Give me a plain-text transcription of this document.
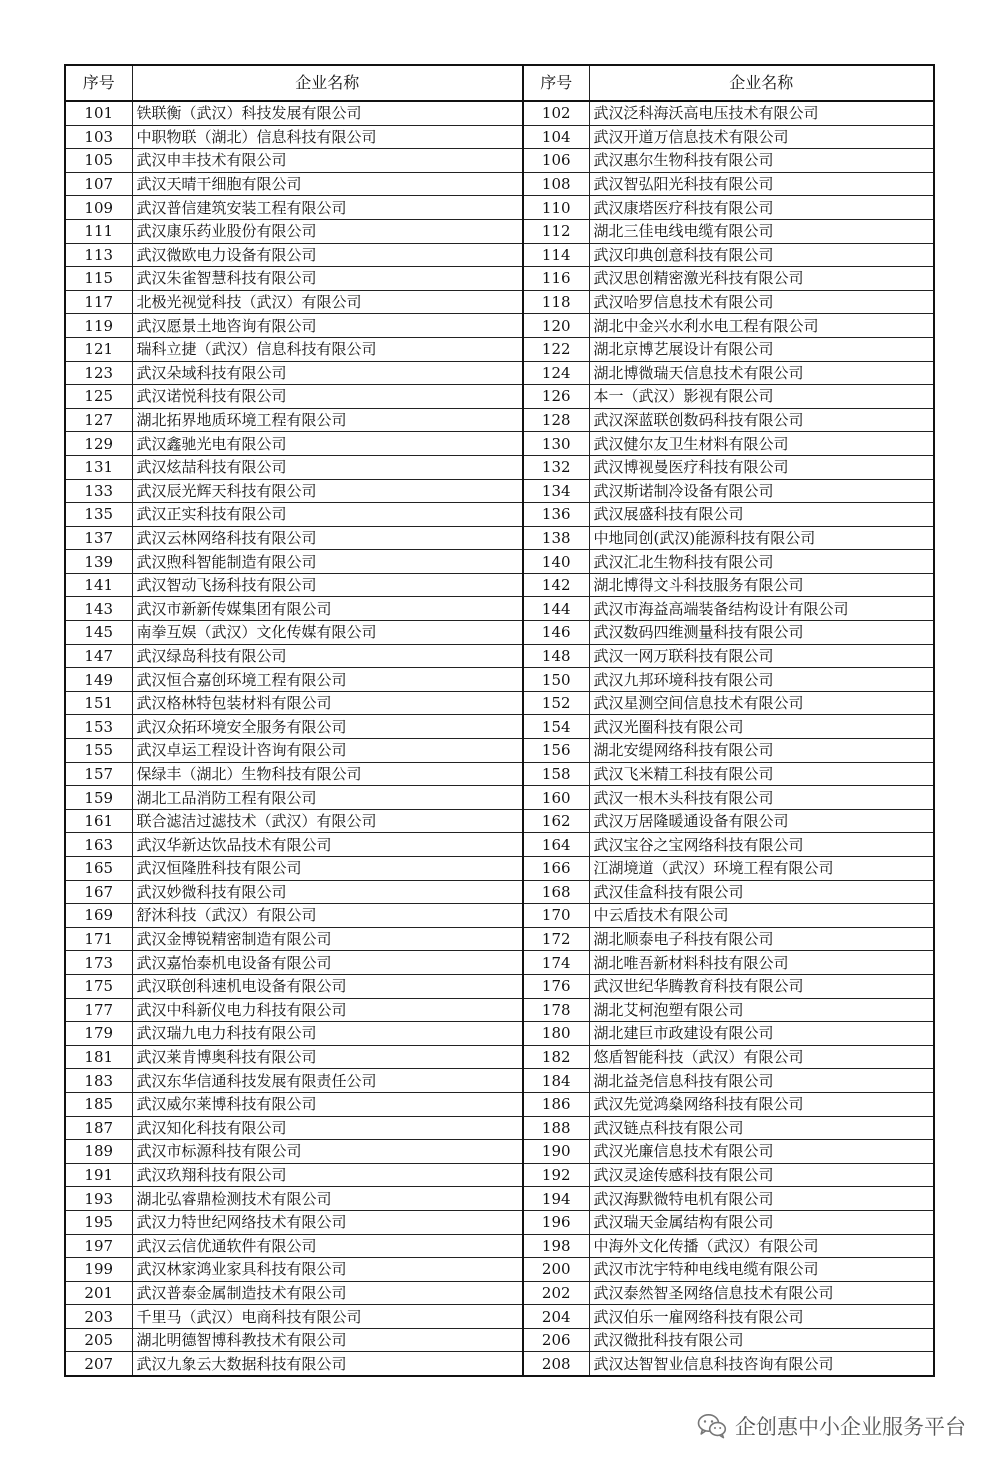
序号	企业名称	序号	企业名称
101	铁联衡（武汉）科技发展有限公司	102	武汉泛科海沃高电压技术有限公司
103	中职物联（湖北）信息科技有限公司	104	武汉开道万信息技术有限公司
105	武汉申丰技术有限公司	106	武汉惠尔生物科技有限公司
107	武汉天晴干细胞有限公司	108	武汉智弘阳光科技有限公司
109	武汉普信建筑安装工程有限公司	110	武汉康塔医疗科技有限公司
111	武汉康乐药业股份有限公司	112	湖北三佳电线电缆有限公司
113	武汉微欧电力设备有限公司	114	武汉印典创意科技有限公司
115	武汉朱雀智慧科技有限公司	116	武汉思创精密激光科技有限公司
117	北极光视觉科技（武汉）有限公司	118	武汉哈罗信息技术有限公司
119	武汉愿景土地咨询有限公司	120	湖北中金兴水利水电工程有限公司
121	瑞科立捷（武汉）信息科技有限公司	122	湖北京博艺展设计有限公司
123	武汉朵域科技有限公司	124	湖北博微瑞天信息技术有限公司
125	武汉诺悦科技有限公司	126	本一（武汉）影视有限公司
127	湖北拓界地质环境工程有限公司	128	武汉深蓝联创数码科技有限公司
129	武汉鑫驰光电有限公司	130	武汉健尔友卫生材料有限公司
131	武汉炫喆科技有限公司	132	武汉博视曼医疗科技有限公司
133	武汉辰光辉天科技有限公司	134	武汉斯诺制冷设备有限公司
135	武汉正实科技有限公司	136	武汉展盛科技有限公司
137	武汉云林网络科技有限公司	138	中地同创(武汉)能源科技有限公司
139	武汉煦科智能制造有限公司	140	武汉汇北生物科技有限公司
141	武汉智动飞扬科技有限公司	142	湖北博得文斗科技服务有限公司
143	武汉市新新传媒集团有限公司	144	武汉市海益高端装备结构设计有限公司
145	南拳互娱（武汉）文化传媒有限公司	146	武汉数码四维测量科技有限公司
147	武汉绿岛科技有限公司	148	武汉一网万联科技有限公司
149	武汉恒合嘉创环境工程有限公司	150	武汉九邦环境科技有限公司
151	武汉格林特包装材料有限公司	152	武汉星测空间信息技术有限公司
153	武汉众拓环境安全服务有限公司	154	武汉光圈科技有限公司
155	武汉卓运工程设计咨询有限公司	156	湖北安缇网络科技有限公司
157	保绿丰（湖北）生物科技有限公司	158	武汉飞米精工科技有限公司
159	湖北工品消防工程有限公司	160	武汉一根木头科技有限公司
161	联合滤洁过滤技术（武汉）有限公司	162	武汉万居隆暖通设备有限公司
163	武汉华新达饮品技术有限公司	164	武汉宝谷之宝网络科技有限公司
165	武汉恒隆胜科技有限公司	166	江湖境道（武汉）环境工程有限公司
167	武汉妙微科技有限公司	168	武汉佳盒科技有限公司
169	舒沐科技（武汉）有限公司	170	中云盾技术有限公司
171	武汉金博锐精密制造有限公司	172	湖北顺泰电子科技有限公司
173	武汉嘉怡泰机电设备有限公司	174	湖北唯吾新材料科技有限公司
175	武汉联创科速机电设备有限公司	176	武汉世纪华腾教育科技有限公司
177	武汉中科新仪电力科技有限公司	178	湖北艾柯泡塑有限公司
179	武汉瑞九电力科技有限公司	180	湖北建巨市政建设有限公司
181	武汉莱肯博奥科技有限公司	182	悠盾智能科技（武汉）有限公司
183	武汉东华信通科技发展有限责任公司	184	湖北益尧信息科技有限公司
185	武汉威尔莱博科技有限公司	186	武汉先觉鸿燊网络科技有限公司
187	武汉知化科技有限公司	188	武汉链点科技有限公司
189	武汉市标源科技有限公司	190	武汉光廉信息技术有限公司
191	武汉玖翔科技有限公司	192	武汉灵途传感科技有限公司
193	湖北弘睿鼎检测技术有限公司	194	武汉海默微特电机有限公司
195	武汉力特世纪网络技术有限公司	196	武汉瑞天金属结构有限公司
197	武汉云信优通软件有限公司	198	中海外文化传播（武汉）有限公司
199	武汉林家鸿业家具科技有限公司	200	武汉市沈宇特种电线电缆有限公司
201	武汉普泰金属制造技术有限公司	202	武汉泰然智圣网络信息技术有限公司
203	千里马（武汉）电商科技有限公司	204	武汉伯乐一雇网络科技有限公司
205	湖北明德智博科教技术有限公司	206	武汉微批科技有限公司
207	武汉九象云大数据科技有限公司	208	武汉达智智业信息科技咨询有限公司
企创惠中小企业服务平台
